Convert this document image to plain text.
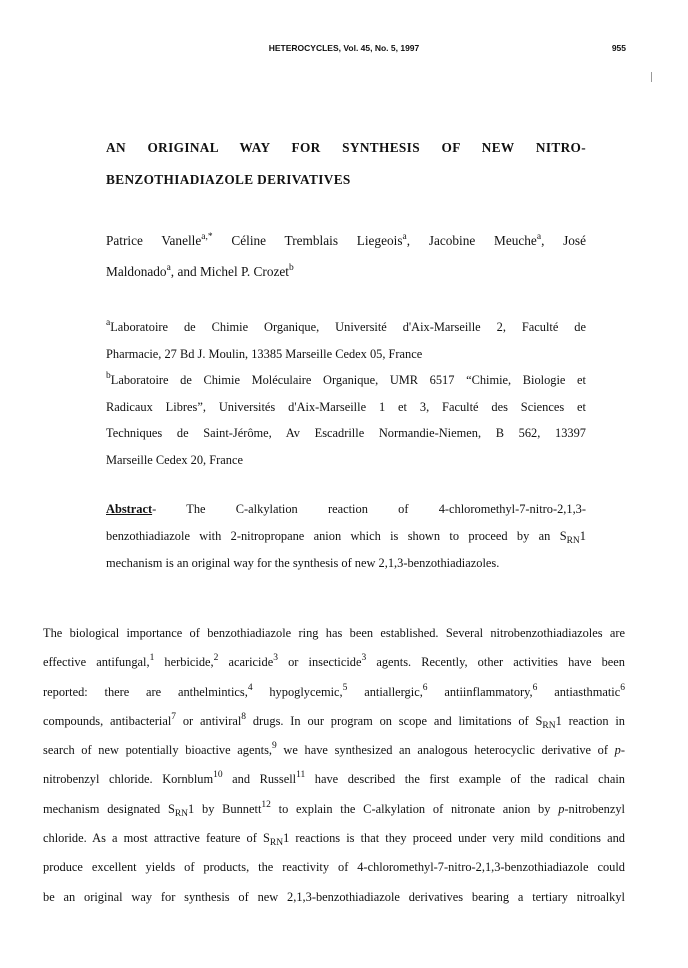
HETEROCYCLES, Vol. 45, No. 5, 1997	955
AN ORIGINAL WAY FOR SYNTHESIS OF NEW NITRO-
BENZOTHIADIAZOLE DERIVATIVES
Patrice Vanelle$^{a,*}$ Céline Tremblais Liegeois$^a$, Jacobine Meuche$^a$, José
Maldonado$^a$, and Michel P. Crozet$^b$
$^a$Laboratoire de Chimie Organique, Université d'Aix-Marseille 2, Faculté de
Pharmacie, 27 Bd J. Moulin, 13385 Marseille Cedex 05, France
$^b$Laboratoire de Chimie Moléculaire Organique, UMR 6517 “Chimie, Biologie et
Radicaux Libres”, Universités d'Aix-Marseille 1 et 3, Faculté des Sciences et
Techniques de Saint-Jérôme, Av Escadrille Normandie-Niemen, B 562, 13397
Marseille Cedex 20, France
Abstract- The C-alkylation reaction of 4-chloromethyl-7-nitro-2,1,3-
benzothiadiazole with 2-nitropropane anion which is shown to proceed by an $S_{RN}1$
mechanism is an original way for the synthesis of new 2,1,3-benzothiadiazoles.
The biological importance of benzothiadiazole ring has been established. Several nitrobenzothiadiazoles are
effective antifungal,$^1$ herbicide,$^2$ acaricide$^3$ or insecticide$^3$ agents. Recently, other activities have been
reported: there are anthelmintics,$^4$ hypoglycemic,$^5$ antiallergic,$^6$ antiinflammatory,$^6$ antiasthmatic$^6$
compounds, antibacterial$^7$ or antiviral$^8$ drugs. In our program on scope and limitations of $S_{RN}1$ reaction in
search of new potentially bioactive agents,$^9$ we have synthesized an analogous heterocyclic derivative of p-
nitrobenzyl chloride. Kornblum$^{10}$ and Russell$^{11}$ have described the first example of the radical chain
mechanism designated $S_{RN}1$ by Bunnett$^{12}$ to explain the C-alkylation of nitronate anion by p-nitrobenzyl
chloride. As a most attractive feature of $S_{RN}1$ reactions is that they proceed under very mild conditions and
produce excellent yields of products, the reactivity of 4-chloromethyl-7-nitro-2,1,3-benzothiadiazole could
be an original way for synthesis of new 2,1,3-benzothiadiazole derivatives bearing a tertiary nitroalkyl
